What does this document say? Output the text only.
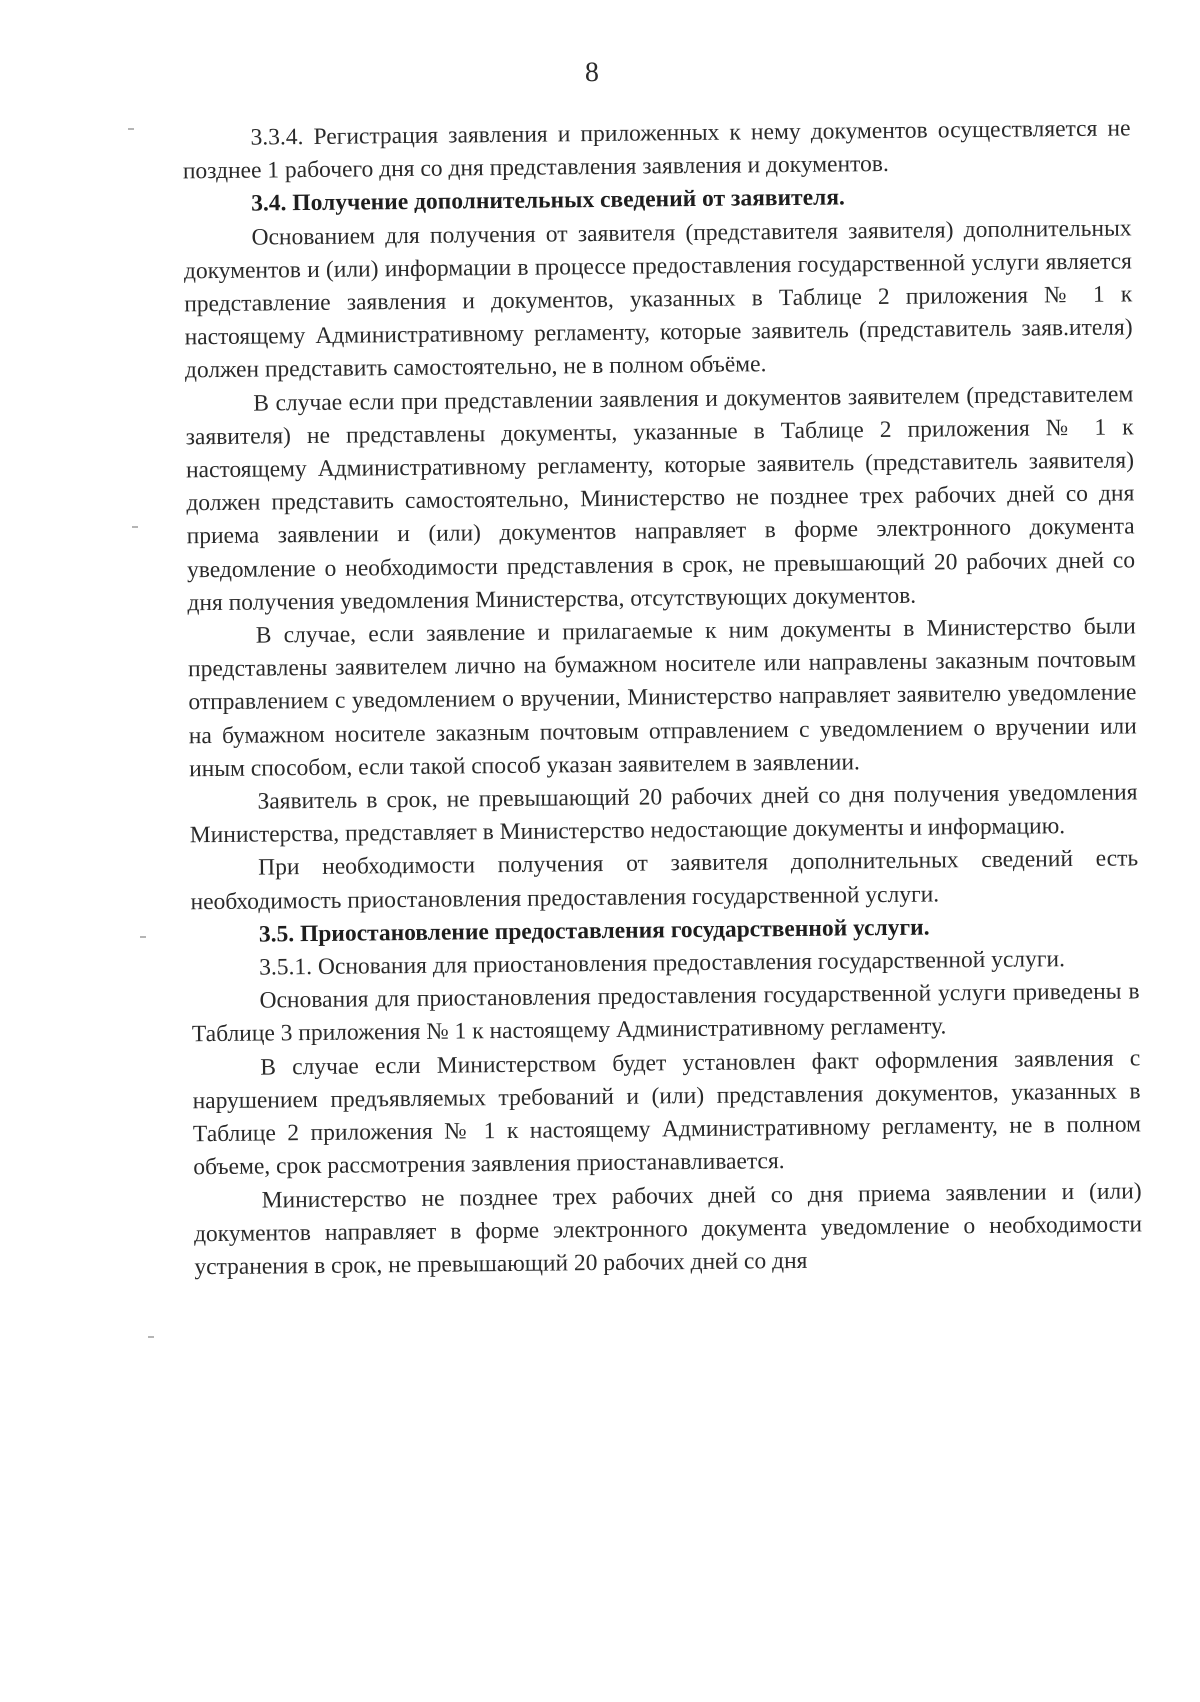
8

3.3.4. Регистрация заявления и приложенных к нему документов осуществляется не позднее 1 рабочего дня со дня представления заявления и документов.

3.4. Получение дополнительных сведений от заявителя.

Основанием для получения от заявителя (представителя заявителя) дополнительных документов и (или) информации в процессе предоставления государственной услуги является представление заявления и документов, указанных в Таблице 2 приложения № 1 к настоящему Административному регламенту, которые заявитель (представитель заяв.ителя) должен представить самостоятельно, не в полном объёме.

В случае если при представлении заявления и документов заявителем (представителем заявителя) не представлены документы, указанные в Таблице 2 приложения № 1 к настоящему Административному регламенту, которые заявитель (представитель заявителя) должен представить самостоятельно, Министерство не позднее трех рабочих дней со дня приема заявлении и (или) документов направляет в форме электронного документа уведомление о необходимости представления в срок, не превышающий 20 рабочих дней со дня получения уведомления Министерства, отсутствующих документов.

В случае, если заявление и прилагаемые к ним документы в Министерство были представлены заявителем лично на бумажном носителе или направлены заказным почтовым отправлением с уведомлением о вручении, Министерство направляет заявителю уведомление на бумажном носителе заказным почтовым отправлением с уведомлением о вручении или иным способом, если такой способ указан заявителем в заявлении.

Заявитель в срок, не превышающий 20 рабочих дней со дня получения уведомления Министерства, представляет в Министерство недостающие документы и информацию.

При необходимости получения от заявителя дополнительных сведений есть необходимость приостановления предоставления государственной услуги.

3.5. Приостановление предоставления государственной услуги.

3.5.1. Основания для приостановления предоставления государственной услуги.

Основания для приостановления предоставления государственной услуги приведены в Таблице 3 приложения № 1 к настоящему Административному регламенту.

В случае если Министерством будет установлен факт оформления заявления с нарушением предъявляемых требований и (или) представления документов, указанных в Таблице 2 приложения № 1 к настоящему Административному регламенту, не в полном объеме, срок рассмотрения заявления приостанавливается.

Министерство не позднее трех рабочих дней со дня приема заявлении и (или) документов направляет в форме электронного документа уведомление о необходимости устранения в срок, не превышающий 20 рабочих дней со дня
